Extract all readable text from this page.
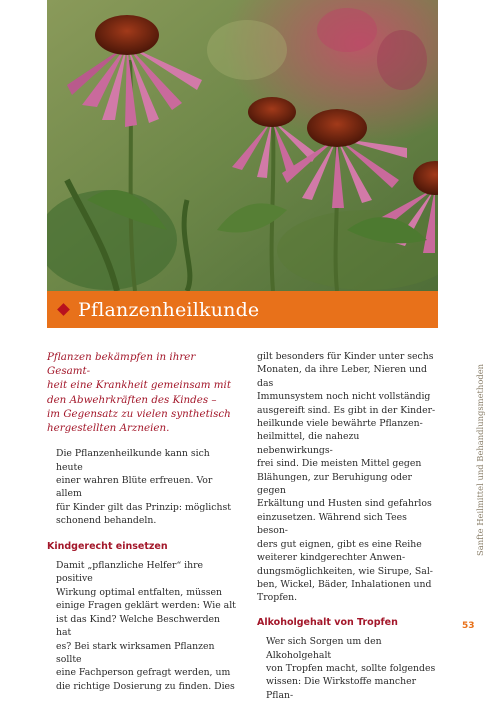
Pflanzenheilkunde
Pflanzen bekämpfen in ihrer Gesamt-
heit eine Krankheit gemeinsam mit
den Abwehrkräften des Kindes –
im Gegensatz zu vielen synthetisch
hergestellten Arzneien.
Die Pflanzenheilkunde kann sich heute
einer wahren Blüte erfreuen. Vor allem
für Kinder gilt das Prinzip: möglichst
schonend behandeln.
Kindgerecht einsetzen
Damit „pflanzliche Helfer“ ihre positive
Wirkung optimal entfalten, müssen
einige Fragen geklärt werden: Wie alt
ist das Kind? Welche Beschwerden hat
es? Bei stark wirksamen Pflanzen sollte
eine Fachperson gefragt werden, um
die richtige Dosierung zu finden. Dies
gilt besonders für Kinder unter sechs
Monaten, da ihre Leber, Nieren und das
Immunsystem noch nicht vollständig
ausgereift sind. Es gibt in der Kinder-
heilkunde viele bewährte Pflanzen-
heilmittel, die nahezu nebenwirkungs-
frei sind. Die meisten Mittel gegen
Blähungen, zur Beruhigung oder gegen
Erkältung und Husten sind gefahrlos
einzusetzen. Während sich Tees beson-
ders gut eignen, gibt es eine Reihe
weiterer kindgerechter Anwen-
dungsmöglichkeiten, wie Sirupe, Sal-
ben, Wickel, Bäder, Inhalationen und
Tropfen.
Alkoholgehalt von Tropfen
Wer sich Sorgen um den Alkoholgehalt
von Tropfen macht, sollte folgendes
wissen: Die Wirkstoffe mancher Pflan-
Sanfte Heilmittel und Behandlungsmethoden
53
